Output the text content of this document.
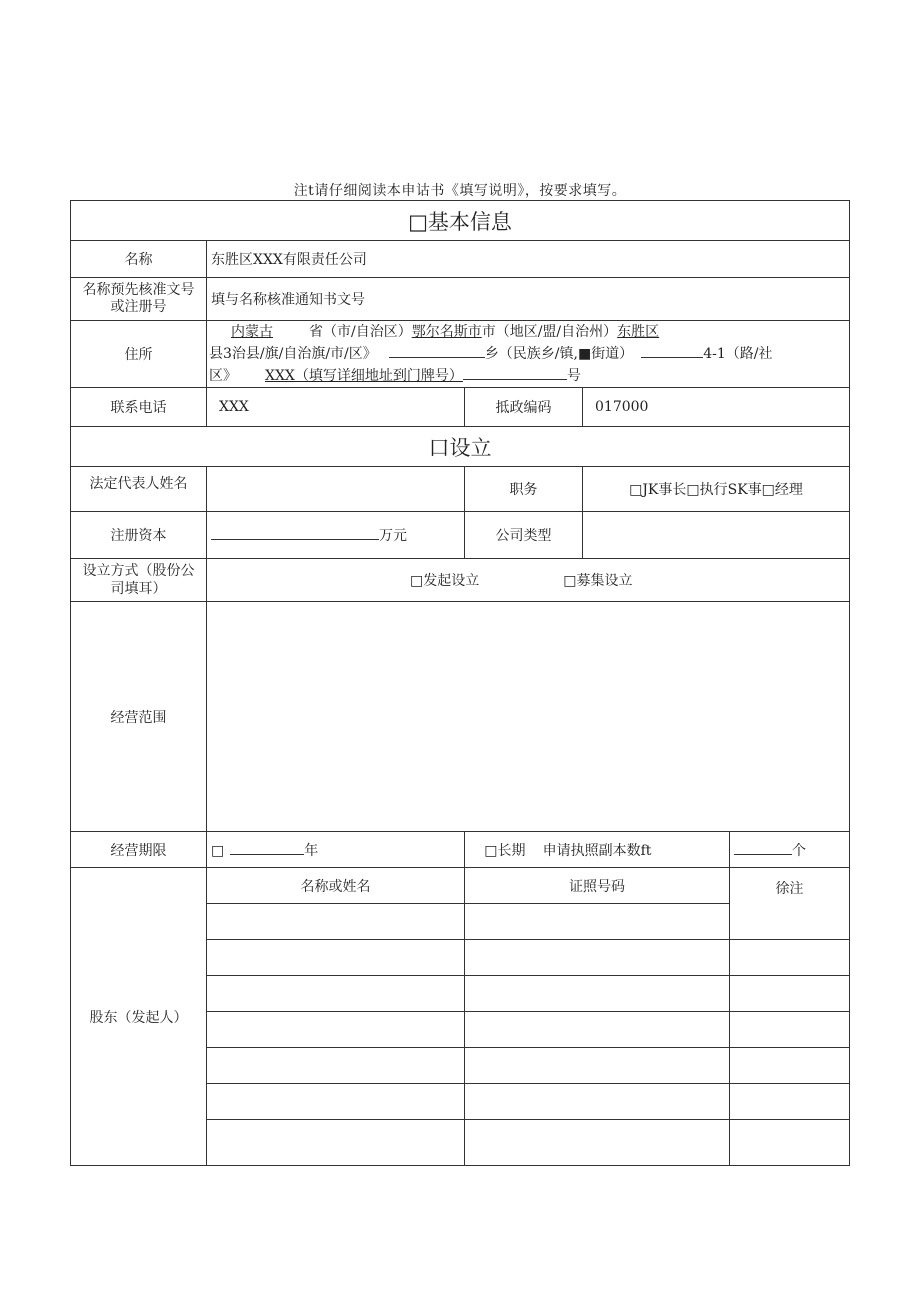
注t请仔细阅读本申诂书《填写说明》，按要求填写。
□基本信息				
名称	东胜区XXX有限责任公司			
名称预先核准文号
或注册号	填与名称核准通知书文号			
住所	内蒙古 省（市/自治区）鄂尔名斯市市（地区/盟/自治州）东胜区
县3治县/旗/自治旗/市/区》 乡（民族乡/镇,■街道） 4-1（路/社
区》 XXX（填写详细地址到门牌号） 号			

联系电话	XXX	抵政编码	017000	
口设立				
法定代表人姓名		职务	□JK事长□执行SK事□经理	
注册资本	万元	公司类型		
设立方式（股份公
司填耳）	□发起设立 □募集设立			
经营范围				
经营期限	□ 年 □长期	申请执照副本数ft		个
股东（发起人）	名称或姓名	证照号码		徐注
